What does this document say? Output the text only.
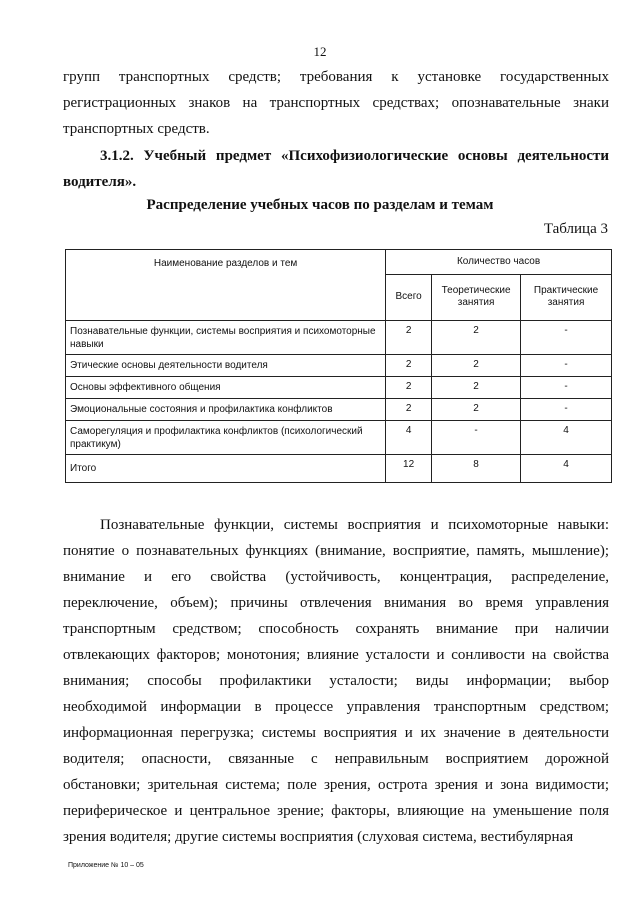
12
групп транспортных средств; требования к установке государственных регистрационных знаков на транспортных средствах; опознавательные знаки транспортных средств.
3.1.2. Учебный предмет «Психофизиологические основы деятельности водителя».
Распределение учебных часов по разделам и темам
Таблица 3
Наименование разделов и тем	Количество часов		
	Всего	Теоретические занятия	Практические занятия
Познавательные функции, системы восприятия и психомоторные навыки	2	2	-
Этические основы деятельности водителя	2	2	-
Основы эффективного общения	2	2	-
Эмоциональные состояния и профилактика конфликтов	2	2	-
Саморегуляция и профилактика конфликтов (психологический практикум)	4	-	4
Итого	12	8	4
Познавательные функции, системы восприятия и психомоторные навыки: понятие о познавательных функциях (внимание, восприятие, память, мышление); внимание и его свойства (устойчивость, концентрация, распределение, переключение, объем); причины отвлечения внимания во время управления транспортным средством; способность сохранять внимание при наличии отвлекающих факторов; монотония; влияние усталости и сонливости на свойства внимания; способы профилактики усталости; виды информации; выбор необходимой информации в процессе управления транспортным средством; информационная перегрузка; системы восприятия и их значение в деятельности водителя; опасности, связанные с неправильным восприятием дорожной обстановки; зрительная система; поле зрения, острота зрения и зона видимости; периферическое и центральное зрение; факторы, влияющие на уменьшение поля зрения водителя; другие системы восприятия (слуховая система, вестибулярная
Приложение № 10 – 05
